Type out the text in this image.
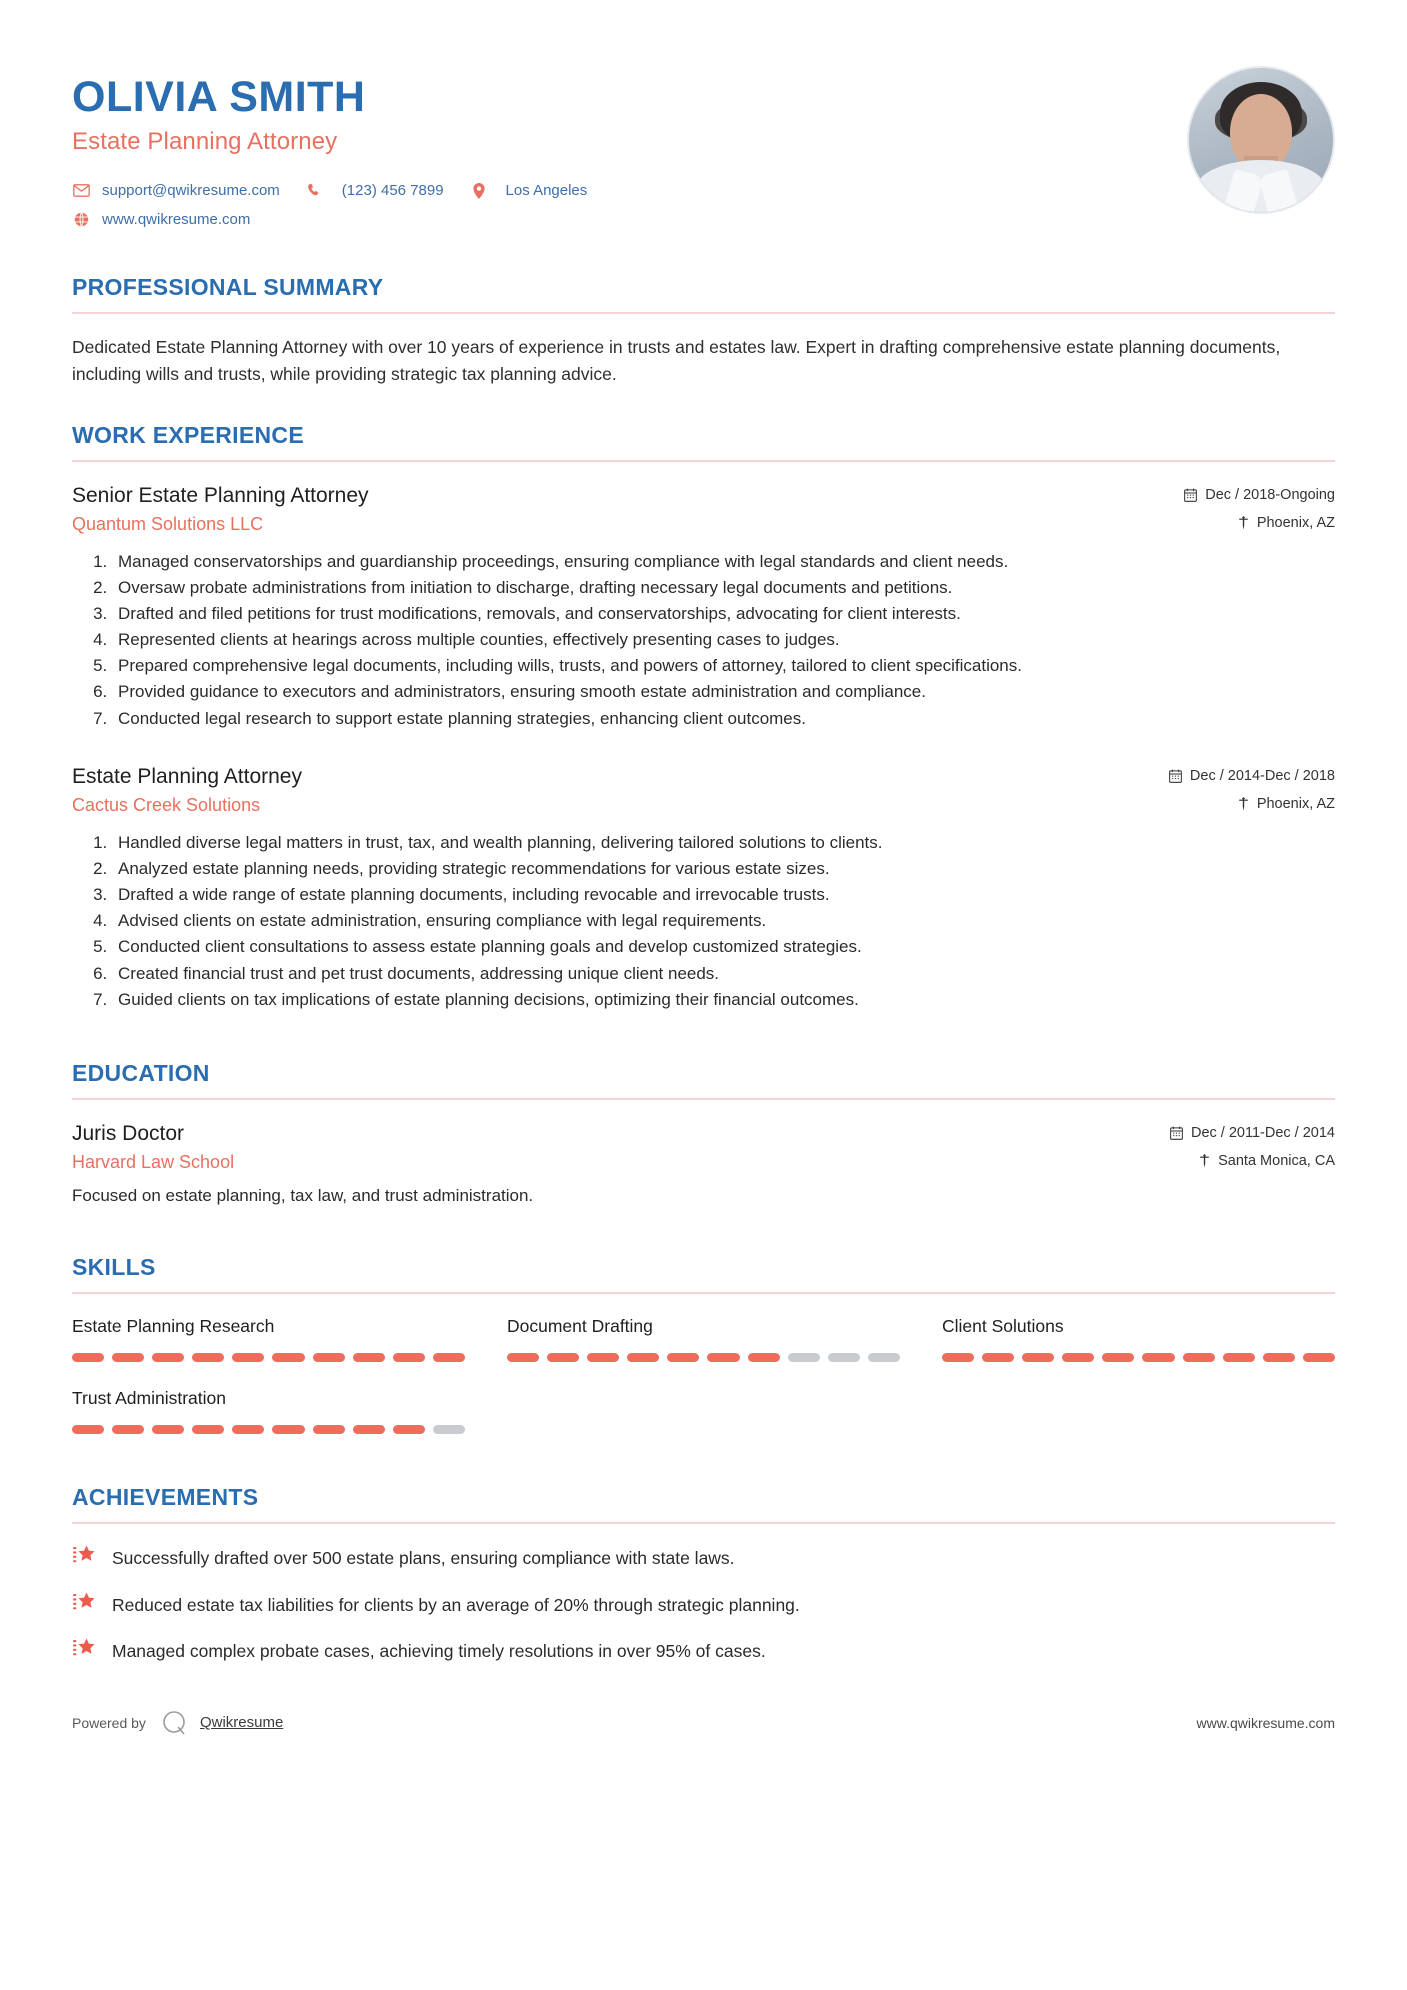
OLIVIA SMITH
Estate Planning Attorney
support@qwikresume.com	(123) 456 7899	Los Angeles
www.qwikresume.com
PROFESSIONAL SUMMARY

Dedicated Estate Planning Attorney with over 10 years of experience in trusts and estates law. Expert in drafting comprehensive estate planning documents, including wills and trusts, while providing strategic tax planning advice.

WORK EXPERIENCE
Senior Estate Planning Attorney	Dec / 2018-Ongoing
Quantum Solutions LLC	Phoenix, AZ
1. Managed conservatorships and guardianship proceedings, ensuring compliance with legal standards and client needs.
2. Oversaw probate administrations from initiation to discharge, drafting necessary legal documents and petitions.
3. Drafted and filed petitions for trust modifications, removals, and conservatorships, advocating for client interests.
4. Represented clients at hearings across multiple counties, effectively presenting cases to judges.
5. Prepared comprehensive legal documents, including wills, trusts, and powers of attorney, tailored to client specifications.
6. Provided guidance to executors and administrators, ensuring smooth estate administration and compliance.
7. Conducted legal research to support estate planning strategies, enhancing client outcomes.
Estate Planning Attorney	Dec / 2014-Dec / 2018
Cactus Creek Solutions	Phoenix, AZ
1. Handled diverse legal matters in trust, tax, and wealth planning, delivering tailored solutions to clients.
2. Analyzed estate planning needs, providing strategic recommendations for various estate sizes.
3. Drafted a wide range of estate planning documents, including revocable and irrevocable trusts.
4. Advised clients on estate administration, ensuring compliance with legal requirements.
5. Conducted client consultations to assess estate planning goals and develop customized strategies.
6. Created financial trust and pet trust documents, addressing unique client needs.
7. Guided clients on tax implications of estate planning decisions, optimizing their financial outcomes.
EDUCATION
Juris Doctor	Dec / 2011-Dec / 2014
Harvard Law School	Santa Monica, CA

Focused on estate planning, tax law, and trust administration.

SKILLS
Estate Planning Research	Document Drafting	Client Solutions
Trust Administration
ACHIEVEMENTS
Successfully drafted over 500 estate plans, ensuring compliance with state laws.
Reduced estate tax liabilities for clients by an average of 20% through strategic planning.
Managed complex probate cases, achieving timely resolutions in over 95% of cases.
Powered by	Qwikresume	www.qwikresume.com
